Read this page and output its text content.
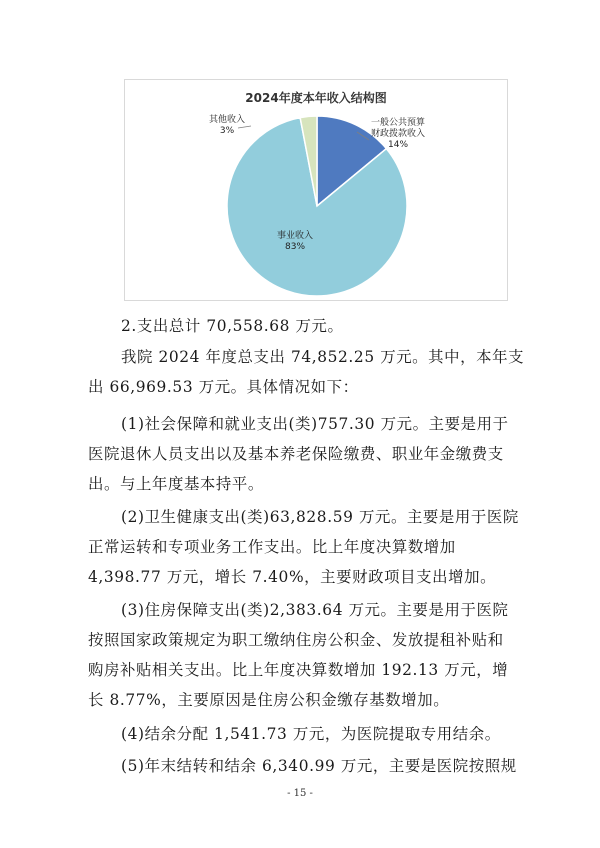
2024年度本年收入结构图
一般公共预算
财政拨款收入
14%
事业收入
83%
其他收入
3%

2.支出总计 70,558.68 万元。

我院 2024 年度总支出 74,852.25 万元。其中，本年支
出 66,969.53 万元。具体情况如下：

(1)社会保障和就业支出(类)757.30 万元。主要是用于
医院退休人员支出以及基本养老保险缴费、职业年金缴费支
出。与上年度基本持平。

(2)卫生健康支出(类)63,828.59 万元。主要是用于医院
正常运转和专项业务工作支出。比上年度决算数增加
4,398.77 万元，增长 7.40%，主要财政项目支出增加。

(3)住房保障支出(类)2,383.64 万元。主要是用于医院
按照国家政策规定为职工缴纳住房公积金、发放提租补贴和
购房补贴相关支出。比上年度决算数增加 192.13 万元，增
长 8.77%，主要原因是住房公积金缴存基数增加。

(4)结余分配 1,541.73 万元，为医院提取专用结余。

(5)年末结转和结余 6,340.99 万元，主要是医院按照规

- 15 -
